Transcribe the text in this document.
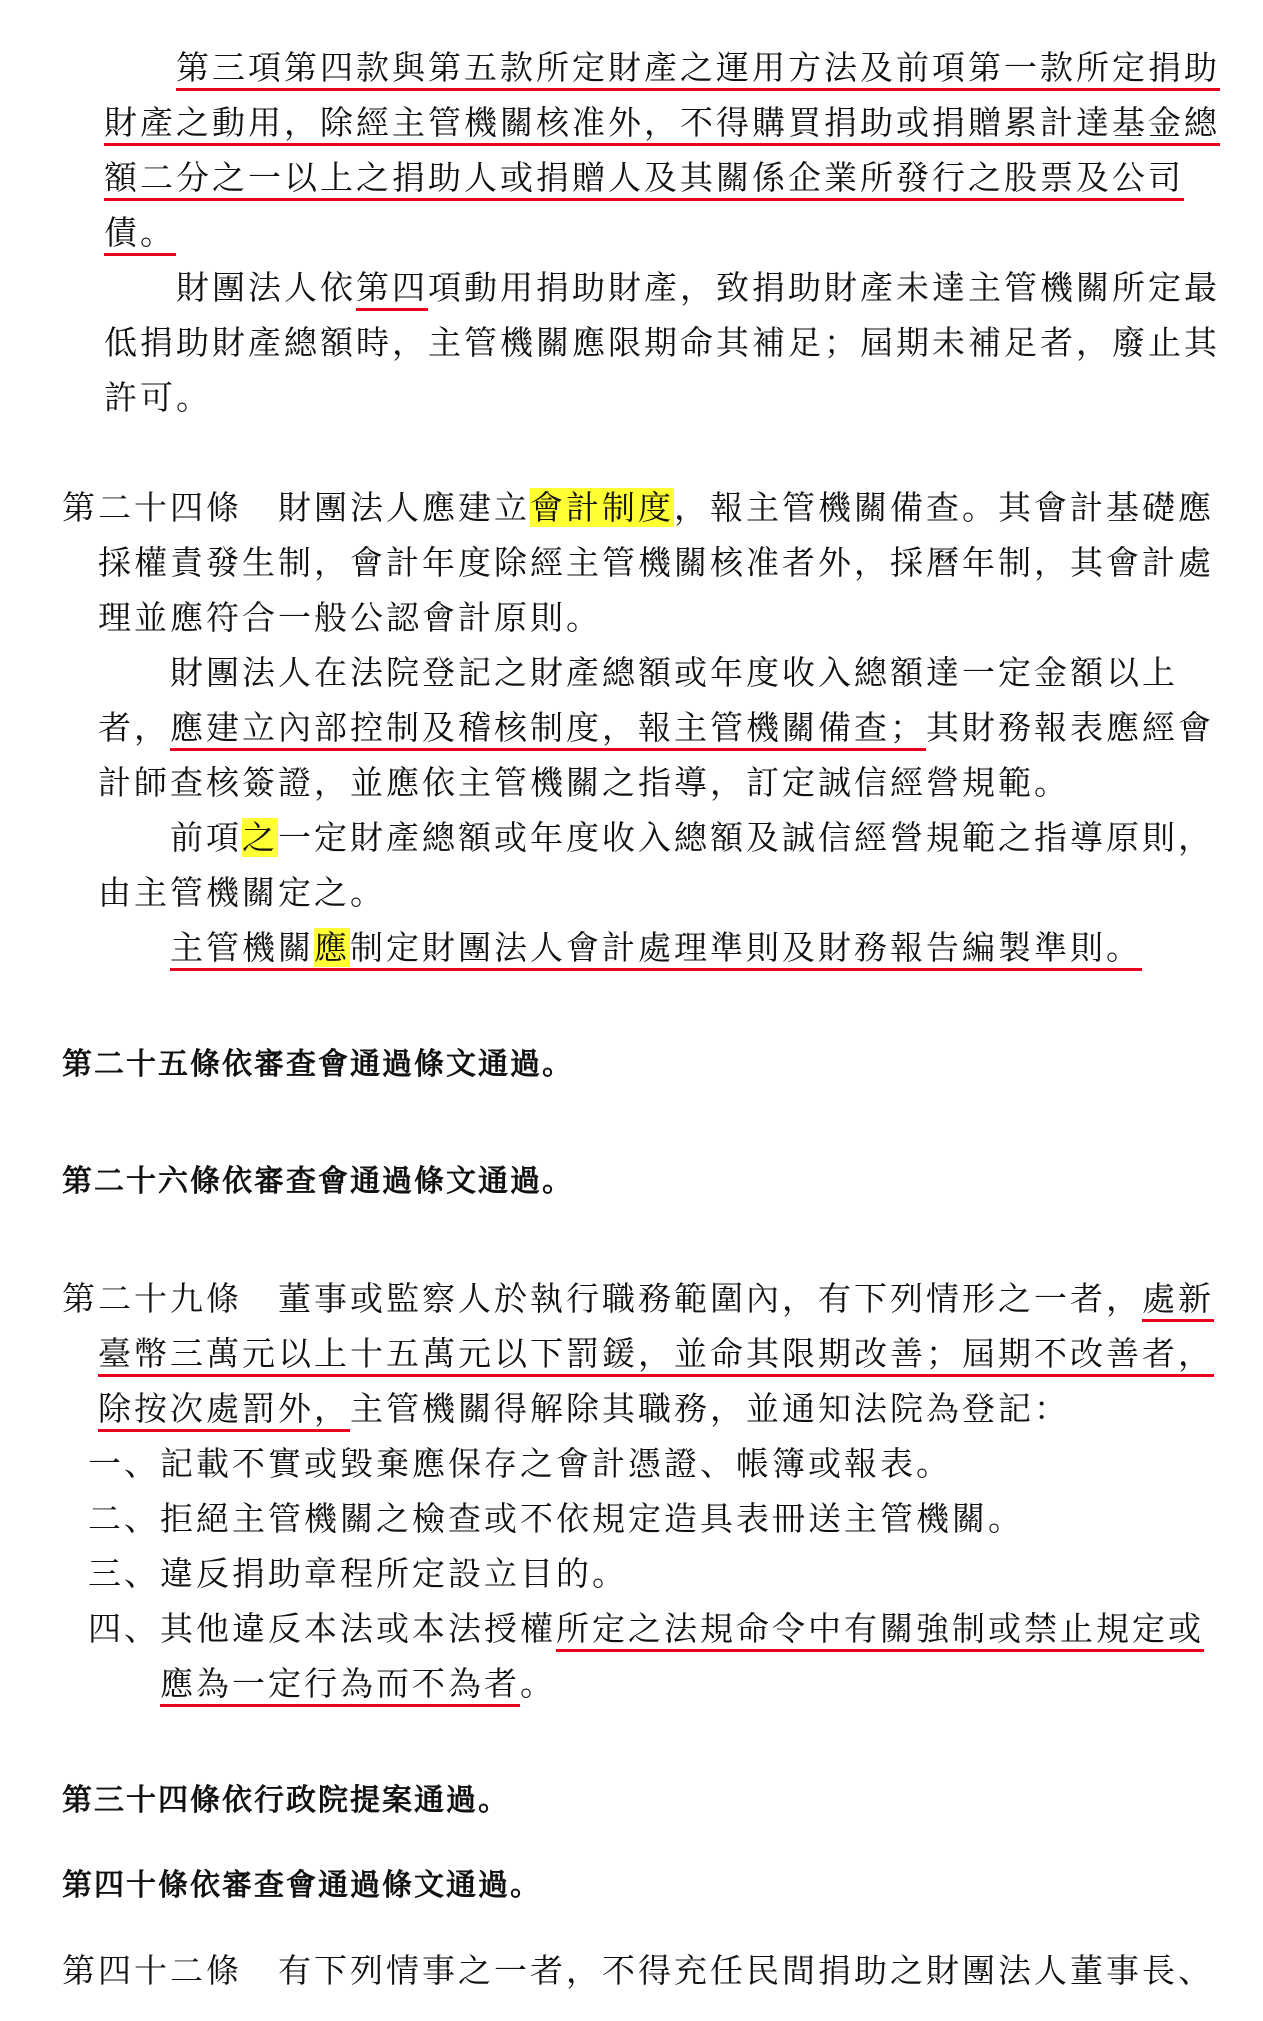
第三項第四款與第五款所定財產之運用方法及前項第一款所定捐助財產之動用，除經主管機關核准外，不得購買捐助或捐贈累計達基金總額二分之一以上之捐助人或捐贈人及其關係企業所發行之股票及公司債。

財團法人依第四項動用捐助財產，致捐助財產未達主管機關所定最低捐助財產總額時，主管機關應限期命其補足；屆期未補足者，廢止其許可。

第二十四條　財團法人應建立會計制度，報主管機關備查。其會計基礎應採權責發生制，會計年度除經主管機關核准者外，採曆年制，其會計處理並應符合一般公認會計原則。

財團法人在法院登記之財產總額或年度收入總額達一定金額以上者，應建立內部控制及稽核制度，報主管機關備查；其財務報表應經會計師查核簽證，並應依主管機關之指導，訂定誠信經營規範。

前項之一定財產總額或年度收入總額及誠信經營規範之指導原則，由主管機關定之。

主管機關應制定財團法人會計處理準則及財務報告編製準則。

第二十五條依審查會通過條文通過。

第二十六條依審查會通過條文通過。

第二十九條　董事或監察人於執行職務範圍內，有下列情形之一者，處新臺幣三萬元以上十五萬元以下罰鍰，並命其限期改善；屆期不改善者，除按次處罰外，主管機關得解除其職務，並通知法院為登記：

一、記載不實或毀棄應保存之會計憑證、帳簿或報表。

二、拒絕主管機關之檢查或不依規定造具表冊送主管機關。

三、違反捐助章程所定設立目的。

四、其他違反本法或本法授權所定之法規命令中有關強制或禁止規定或應為一定行為而不為者。

第三十四條依行政院提案通過。

第四十條依審查會通過條文通過。

第四十二條　有下列情事之一者，不得充任民間捐助之財團法人董事長、
